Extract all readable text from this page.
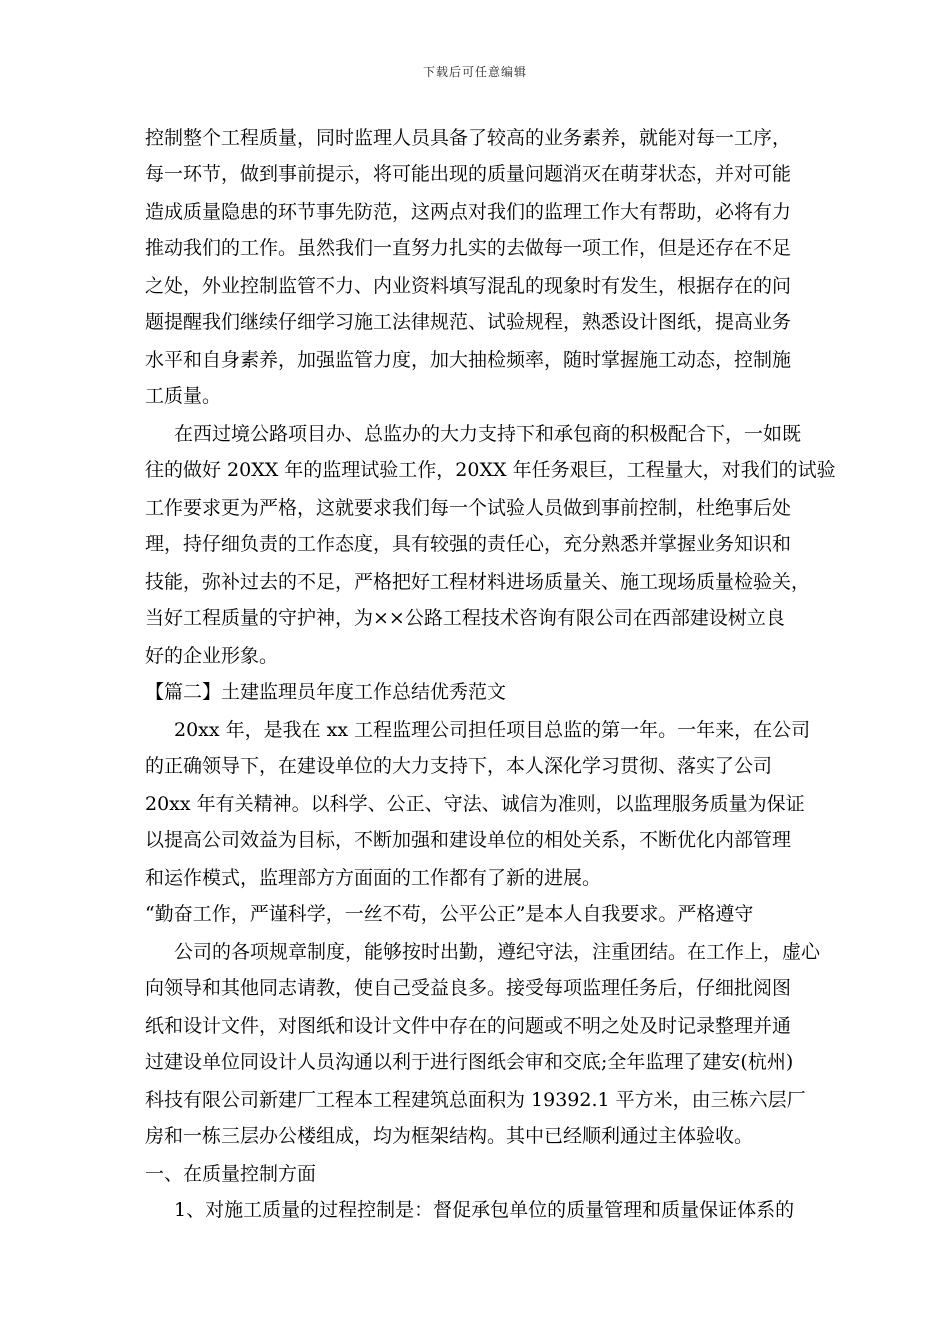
下载后可任意编辑
控制整个工程质量，同时监理人员具备了较高的业务素养，就能对每一工序，
每一环节，做到事前提示，将可能出现的质量问题消灭在萌芽状态，并对可能
造成质量隐患的环节事先防范，这两点对我们的监理工作大有帮助，必将有力
推动我们的工作。虽然我们一直努力扎实的去做每一项工作，但是还存在不足
之处，外业控制监管不力、内业资料填写混乱的现象时有发生，根据存在的问
题提醒我们继续仔细学习施工法律规范、试验规程，熟悉设计图纸，提高业务
水平和自身素养，加强监管力度，加大抽检频率，随时掌握施工动态，控制施
工质量。
在西过境公路项目办、总监办的大力支持下和承包商的积极配合下，一如既
往的做好 20XX 年的监理试验工作，20XX 年任务艰巨，工程量大，对我们的试验
工作要求更为严格，这就要求我们每一个试验人员做到事前控制，杜绝事后处
理，持仔细负责的工作态度，具有较强的责任心，充分熟悉并掌握业务知识和
技能，弥补过去的不足，严格把好工程材料进场质量关、施工现场质量检验关，
当好工程质量的守护神，为××公路工程技术咨询有限公司在西部建设树立良
好的企业形象。
【篇二】土建监理员年度工作总结优秀范文
20xx 年，是我在 xx 工程监理公司担任项目总监的第一年。一年来，在公司
的正确领导下，在建设单位的大力支持下，本人深化学习贯彻、落实了公司
20xx 年有关精神。以科学、公正、守法、诚信为准则，以监理服务质量为保证
以提高公司效益为目标，不断加强和建设单位的相处关系，不断优化内部管理
和运作模式，监理部方方面面的工作都有了新的进展。
“勤奋工作，严谨科学，一丝不苟，公平公正”是本人自我要求。严格遵守
公司的各项规章制度，能够按时出勤，遵纪守法，注重团结。在工作上，虚心
向领导和其他同志请教，使自己受益良多。接受每项监理任务后，仔细批阅图
纸和设计文件，对图纸和设计文件中存在的问题或不明之处及时记录整理并通
过建设单位同设计人员沟通以利于进行图纸会审和交底;全年监理了建安(杭州)
科技有限公司新建厂工程本工程建筑总面积为 19392.1 平方米，由三栋六层厂
房和一栋三层办公楼组成，均为框架结构。其中已经顺利通过主体验收。
一、在质量控制方面
1、对施工质量的过程控制是：督促承包单位的质量管理和质量保证体系的
